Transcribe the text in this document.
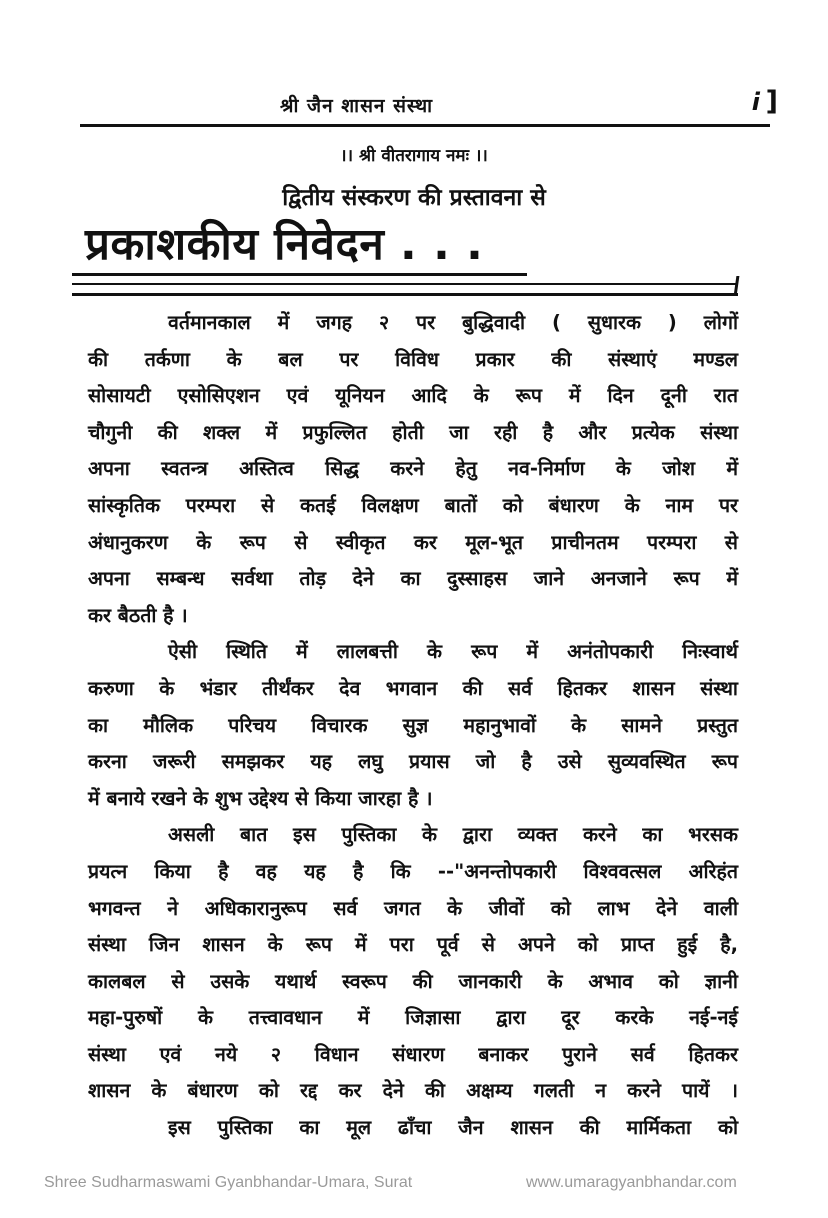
श्री जैन शासन संस्था	i ]
।। श्री वीतरागाय नमः ।।
द्वितीय संस्करण की प्रस्तावना से
प्रकाशकीय निवेदन . . .
वर्तमानकाल में जगह २ पर बुद्धिवादी ( सुधारक ) लोगों
की तर्कणा के बल पर विविध प्रकार की संस्थाएं मण्डल
सोसायटी एसोसिएशन एवं यूनियन आदि के रूप में दिन दूनी रात
चौगुनी की शक्ल में प्रफुल्लित होती जा रही है और प्रत्येक संस्था
अपना स्वतन्त्र अस्तित्व सिद्ध करने हेतु नव-निर्माण के जोश में
सांस्कृतिक परम्परा से कतई विलक्षण बातों को बंधारण के नाम पर
अंधानुकरण के रूप से स्वीकृत कर मूल-भूत प्राचीनतम परम्परा से
अपना सम्बन्ध सर्वथा तोड़ देने का दुस्साहस जाने अनजाने रूप में
कर बैठती है ।
ऐसी स्थिति में लालबत्ती के रूप में अनंतोपकारी निःस्वार्थ
करुणा के भंडार तीर्थंकर देव भगवान की सर्व हितकर शासन संस्था
का मौलिक परिचय विचारक सुज्ञ महानुभावों के सामने प्रस्तुत
करना जरूरी समझकर यह लघु प्रयास जो है उसे सुव्यवस्थित रूप
में बनाये रखने के शुभ उद्देश्य से किया जारहा है ।
असली बात इस पुस्तिका के द्वारा व्यक्त करने का भरसक
प्रयत्न किया है वह यह है कि --"अनन्तोपकारी विश्ववत्सल अरिहंत
भगवन्त ने अधिकारानुरूप सर्व जगत के जीवों को लाभ देने वाली
संस्था जिन शासन के रूप में परा पूर्व से अपने को प्राप्त हुई है,
कालबल से उसके यथार्थ स्वरूप की जानकारी के अभाव को ज्ञानी
महा-पुरुषों के तत्त्वावधान में जिज्ञासा द्वारा दूर करके नई-नई
संस्था एवं नये २ विधान संधारण बनाकर पुराने सर्व हितकर
शासन के बंधारण को रद्द कर देने की अक्षम्य गलती न करने पायें ।
इस पुस्तिका का मूल ढाँचा जैन शासन की मार्मिकता को
Shree Sudharmaswami Gyanbhandar-Umara, Surat	www.umaragyanbhandar.com
